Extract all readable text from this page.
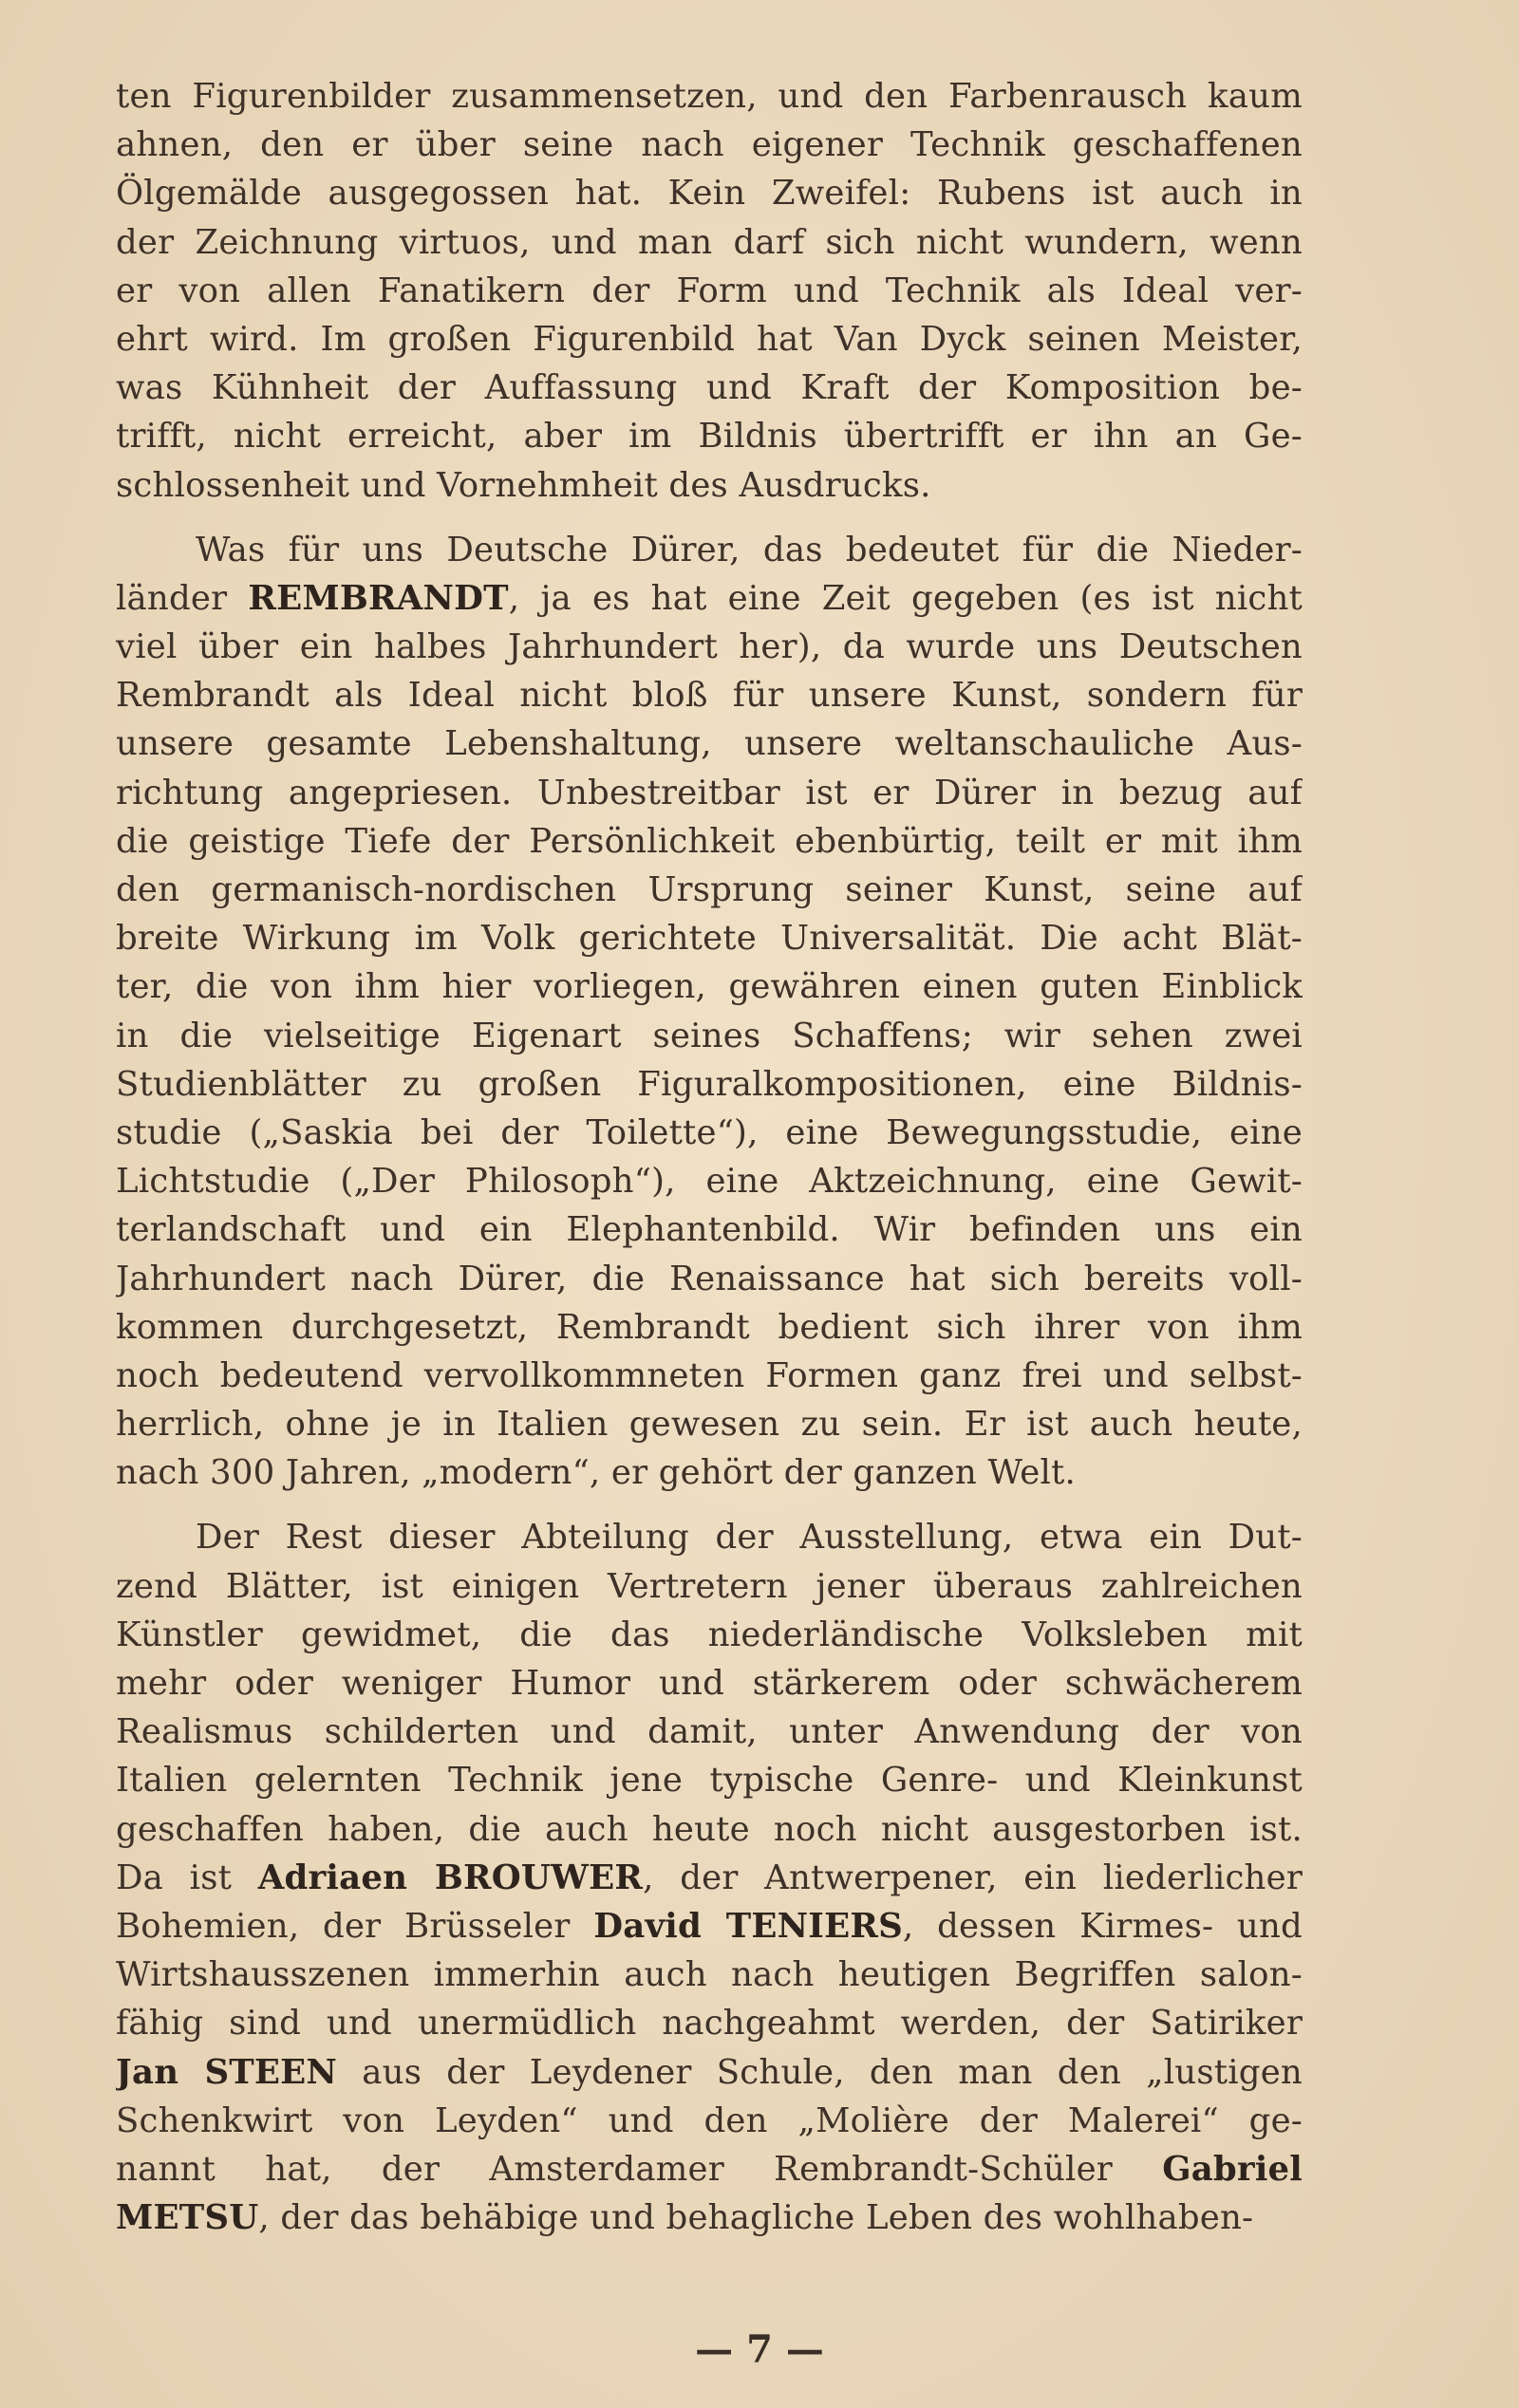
ten Figurenbilder zusammensetzen, und den Farbenrausch kaum
ahnen, den er über seine nach eigener Technik geschaffenen
Ölgemälde ausgegossen hat. Kein Zweifel: Rubens ist auch in
der Zeichnung virtuos, und man darf sich nicht wundern, wenn
er von allen Fanatikern der Form und Technik als Ideal ver-
ehrt wird. Im großen Figurenbild hat Van Dyck seinen Meister,
was Kühnheit der Auffassung und Kraft der Komposition be-
trifft, nicht erreicht, aber im Bildnis übertrifft er ihn an Ge-
schlossenheit und Vornehmheit des Ausdrucks.
Was für uns Deutsche Dürer, das bedeutet für die Nieder-
länder REMBRANDT, ja es hat eine Zeit gegeben (es ist nicht
viel über ein halbes Jahrhundert her), da wurde uns Deutschen
Rembrandt als Ideal nicht bloß für unsere Kunst, sondern für
unsere gesamte Lebenshaltung, unsere weltanschauliche Aus-
richtung angepriesen. Unbestreitbar ist er Dürer in bezug auf
die geistige Tiefe der Persönlichkeit ebenbürtig, teilt er mit ihm
den germanisch-nordischen Ursprung seiner Kunst, seine auf
breite Wirkung im Volk gerichtete Universalität. Die acht Blät-
ter, die von ihm hier vorliegen, gewähren einen guten Einblick
in die vielseitige Eigenart seines Schaffens; wir sehen zwei
Studienblätter zu großen Figuralkompositionen, eine Bildnis-
studie („Saskia bei der Toilette“), eine Bewegungsstudie, eine
Lichtstudie („Der Philosoph“), eine Aktzeichnung, eine Gewit-
terlandschaft und ein Elephantenbild. Wir befinden uns ein
Jahrhundert nach Dürer, die Renaissance hat sich bereits voll-
kommen durchgesetzt, Rembrandt bedient sich ihrer von ihm
noch bedeutend vervollkommneten Formen ganz frei und selbst-
herrlich, ohne je in Italien gewesen zu sein. Er ist auch heute,
nach 300 Jahren, „modern“, er gehört der ganzen Welt.
Der Rest dieser Abteilung der Ausstellung, etwa ein Dut-
zend Blätter, ist einigen Vertretern jener überaus zahlreichen
Künstler gewidmet, die das niederländische Volksleben mit
mehr oder weniger Humor und stärkerem oder schwächerem
Realismus schilderten und damit, unter Anwendung der von
Italien gelernten Technik jene typische Genre- und Kleinkunst
geschaffen haben, die auch heute noch nicht ausgestorben ist.
Da ist Adriaen BROUWER, der Antwerpener, ein liederlicher
Bohemien, der Brüsseler David TENIERS, dessen Kirmes- und
Wirtshausszenen immerhin auch nach heutigen Begriffen salon-
fähig sind und unermüdlich nachgeahmt werden, der Satiriker
Jan STEEN aus der Leydener Schule, den man den „lustigen
Schenkwirt von Leyden“ und den „Molière der Malerei“ ge-
nannt hat, der Amsterdamer Rembrandt-Schüler Gabriel
METSU, der das behäbige und behagliche Leben des wohlhaben-
— 7 —
